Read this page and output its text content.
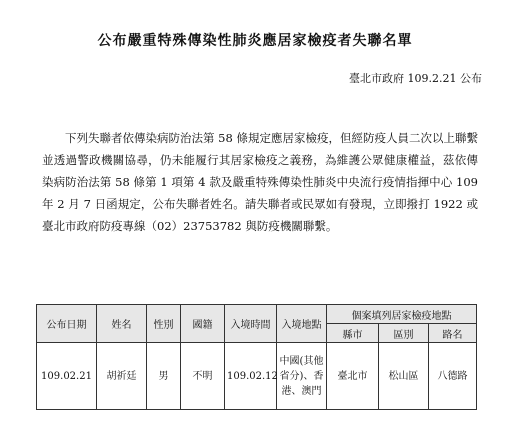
公布嚴重特殊傳染性肺炎應居家檢疫者失聯名單
臺北市政府 109.2.21 公布

下列失聯者依傳染病防治法第 58 條規定應居家檢疫，但經防疫人員二次以上聯繫並透過警政機關協尋，仍未能履行其居家檢疫之義務，為維護公眾健康權益，茲依傳染病防治法第 58 條第 1 項第 4 款及嚴重特殊傳染性肺炎中央流行疫情指揮中心 109 年 2 月 7 日函規定，公布失聯者姓名。請失聯者或民眾如有發現，立即撥打 1922 或臺北市政府防疫專線（02）23753782 與防疫機關聯繫。

公布日期	姓名	性別	國籍	入境時間	入境地點	個案填列居家檢疫地點		
						縣市	區別	路名
109.02.21	胡祈廷	男	不明	109.02.12	中國(其他省分)、香港、澳門	臺北市	松山區	八德路
